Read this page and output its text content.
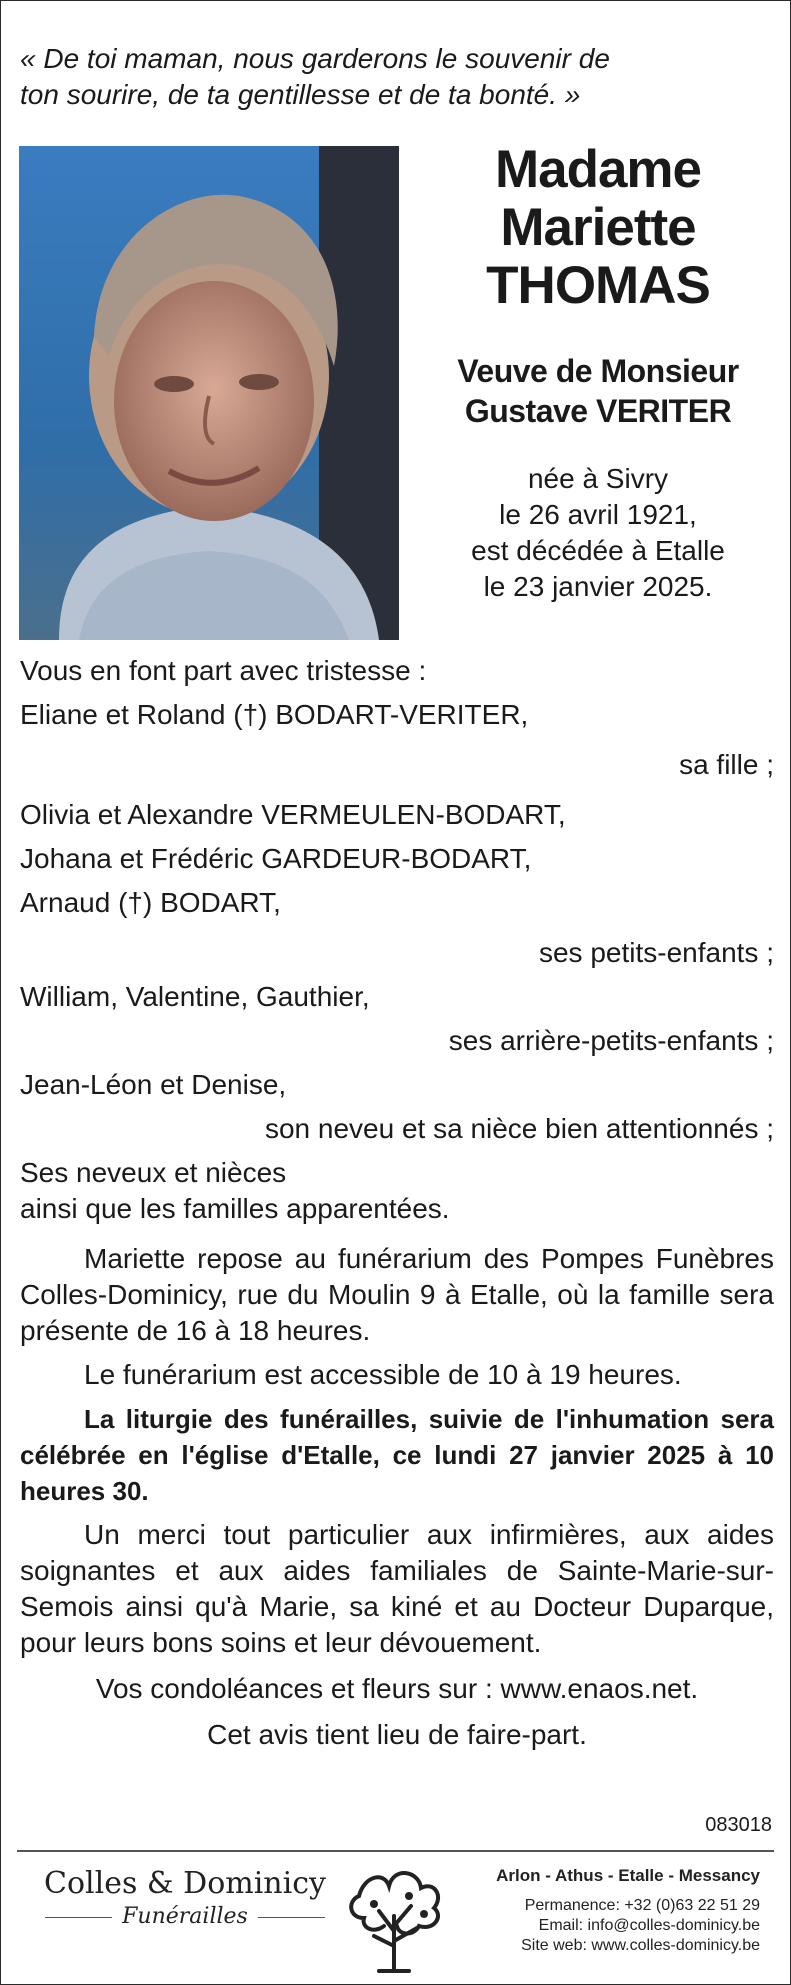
« De toi maman, nous garderons le souvenir de
ton sourire, de ta gentillesse et de ta bonté. »
Madame
Mariette
THOMAS
Veuve de Monsieur
Gustave VERITER
née à Sivry
le 26 avril 1921,
est décédée à Etalle
le 23 janvier 2025.
Vous en font part avec tristesse :
Eliane et Roland (†) BODART-VERITER,
sa fille ;
Olivia et Alexandre VERMEULEN-BODART,
Johana et Frédéric GARDEUR-BODART,
Arnaud (†) BODART,
ses petits-enfants ;
William, Valentine, Gauthier,
ses arrière-petits-enfants ;
Jean-Léon et Denise,
son neveu et sa nièce bien attentionnés ;
Ses neveux et nièces
ainsi que les familles apparentées.
Mariette repose au funérarium des Pompes Funèbres Colles-Dominicy, rue du Moulin 9 à Etalle, où la famille sera présente de 16 à 18 heures.
Le funérarium est accessible de 10 à 19 heures.
La liturgie des funérailles, suivie de l'inhumation sera célébrée en l'église d'Etalle, ce lundi 27 janvier 2025 à 10 heures 30.
Un merci tout particulier aux infirmières, aux aides soignantes et aux aides familiales de Sainte-Marie-sur-Semois ainsi qu'à Marie, sa kiné et au Docteur Duparque, pour leurs bons soins et leur dévouement.
Vos condoléances et fleurs sur : www.enaos.net.
Cet avis tient lieu de faire-part.
083018
Colles & Dominicy
Funérailles
Arlon - Athus - Etalle - Messancy
Permanence: +32 (0)63 22 51 29
Email: info@colles-dominicy.be
Site web: www.colles-dominicy.be
